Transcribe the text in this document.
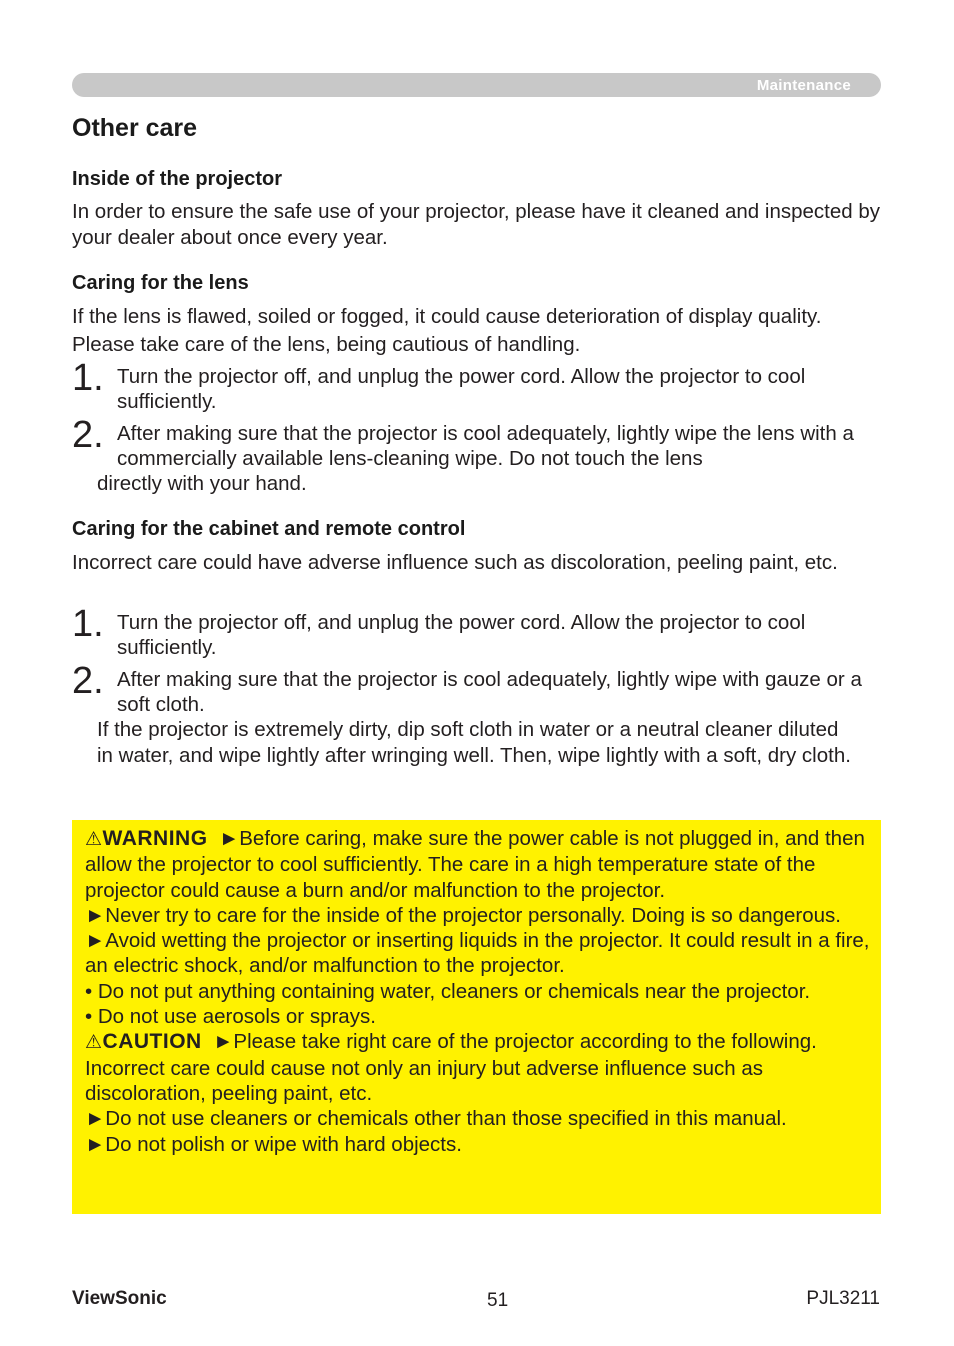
Maintenance
Other care
Inside of the projector

In order to ensure the safe use of your projector, please have it cleaned and inspected by your dealer about once every year.

Caring for the lens

If the lens is flawed, soiled or fogged, it could cause deterioration of display quality. Please take care of the lens, being cautious of handling.

1. Turn the projector off, and unplug the power cord. Allow the projector to cool sufficiently.
2. After making sure that the projector is cool adequately, lightly wipe the lens with a commercially available lens-cleaning wipe. Do not touch the lens
directly with your hand.
Caring for the cabinet and remote control

Incorrect care could have adverse influence such as discoloration, peeling paint, etc.

1. Turn the projector off, and unplug the power cord. Allow the projector to cool sufficiently.
2. After making sure that the projector is cool adequately, lightly wipe with gauze or a soft cloth.
If the projector is extremely dirty, dip soft cloth in water or a neutral cleaner diluted in water, and wipe lightly after wringing well. Then, wipe lightly with a soft, dry cloth.

⚠WARNING ►Before caring, make sure the power cable is not plugged in, and then allow the projector to cool sufficiently. The care in a high temperature state of the projector could cause a burn and/or malfunction to the projector.

►Never try to care for the inside of the projector personally. Doing is so dangerous.

►Avoid wetting the projector or inserting liquids in the projector. It could result in a fire, an electric shock, and/or malfunction to the projector.

• Do not put anything containing water, cleaners or chemicals near the projector.

• Do not use aerosols or sprays.

⚠CAUTION ►Please take right care of the projector according to the following. Incorrect care could cause not only an injury but adverse influence such as discoloration, peeling paint, etc.

►Do not use cleaners or chemicals other than those specified in this manual.

►Do not polish or wipe with hard objects.

ViewSonic	51	PJL3211
